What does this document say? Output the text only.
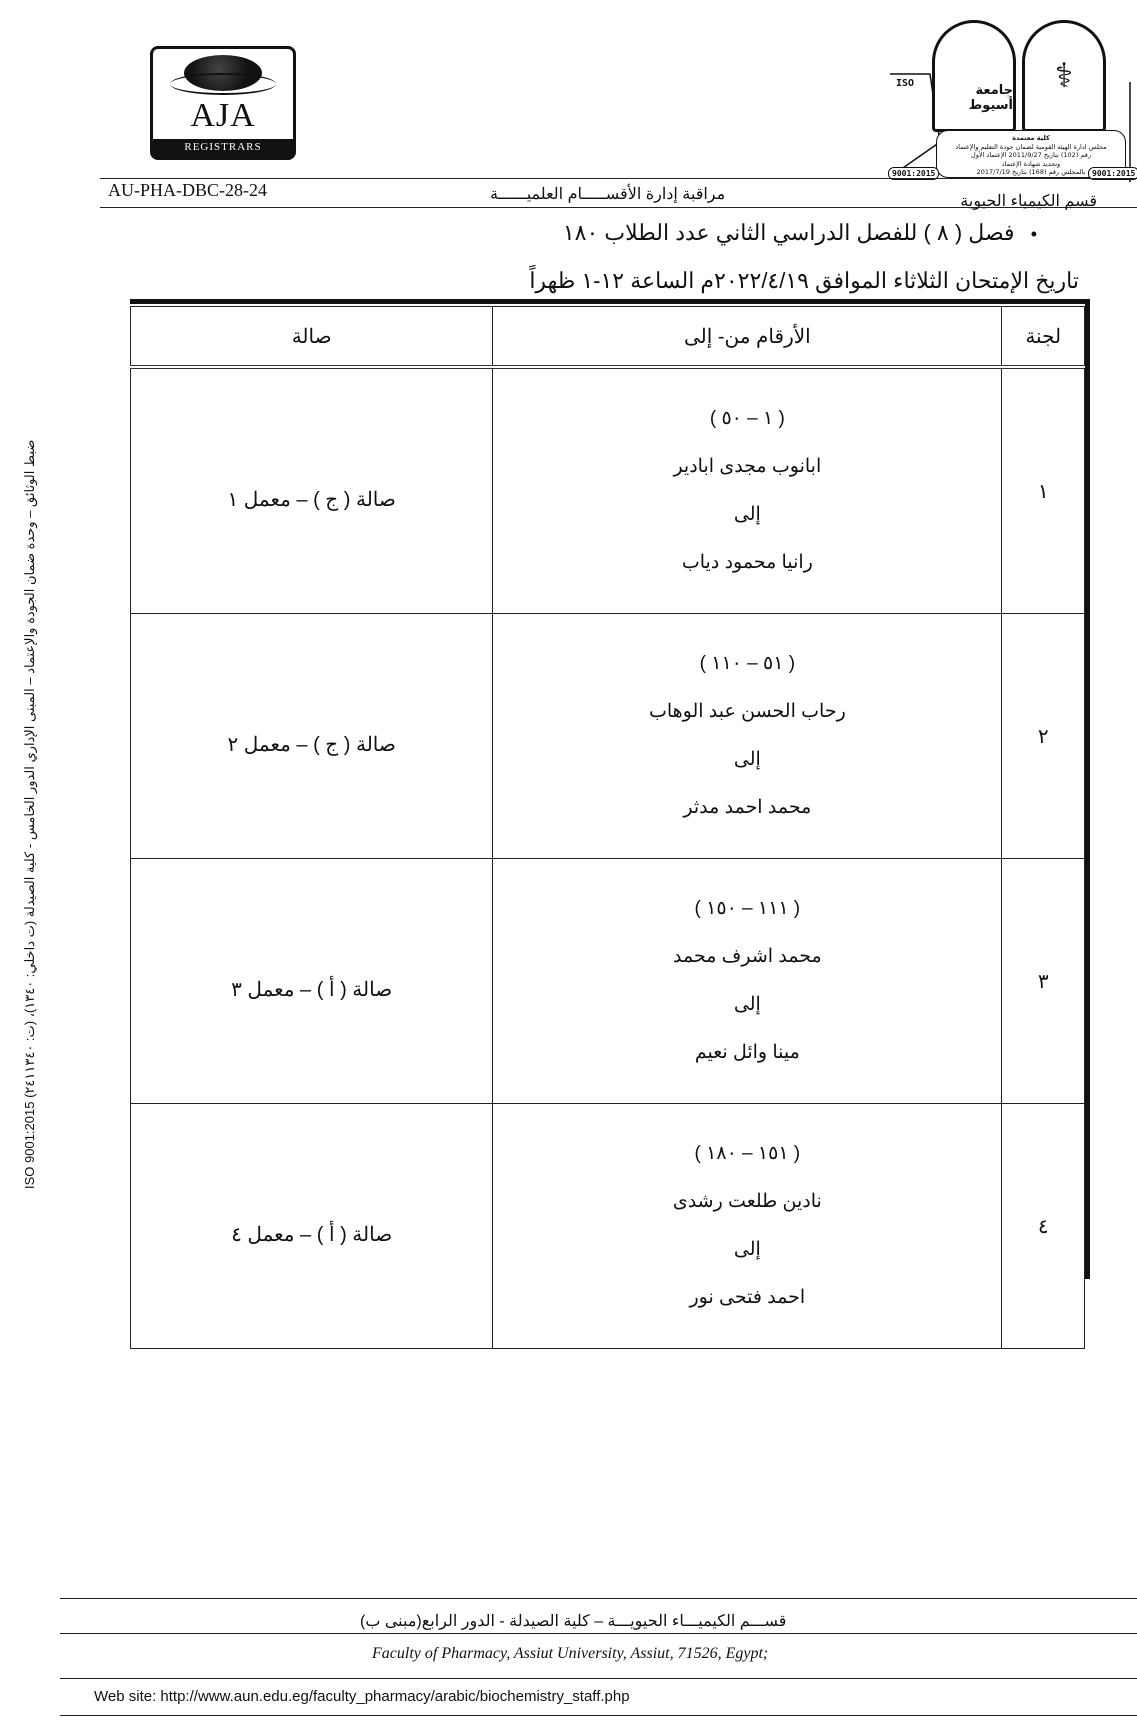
AJA
REGISTRARS
ISO	جامعة أسيوط
⚕
كلية معتمدة
مجلس ادارة الهيئة القومية لضمان جودة التعليم والإعتماد
رقم (102) بتاريخ 2011/9/27 الإعتماد الأول
وتجديد شهادة الإعتماد
بالمجلس رقم (168) بتاريخ 2017/7/19
9001:2015	9001:2015
AU-PHA-DBC-28-24	مراقبة إدارة الأقســـــام العلميــــــة	قسم الكيمياء الحيوية
• فصل ( ٨ ) للفصل الدراسي الثاني عدد الطلاب ١٨٠
تاريخ الإمتحان الثلاثاء الموافق ٢٠٢٢/٤/١٩م الساعة ١٢-١ ظهراً
لجنة	الأرقام من- إلى	صالة
١	( ١ – ٥٠ )
ابانوب مجدى ابادير
إلى
رانيا محمود دياب	صالة ( ج ) – معمل ١
٢	( ٥١ – ١١٠ )
رحاب الحسن عبد الوهاب
إلى
محمد احمد مدثر	صالة ( ج ) – معمل ٢
٣	( ١١١ – ١٥٠ )
محمد اشرف محمد
إلى
مينا وائل نعيم	صالة ( أ ) – معمل ٣
٤	( ١٥١ – ١٨٠ )
نادين طلعت رشدى
إلى
احمد فتحى نور	صالة ( أ ) – معمل ٤
ضبط الوثائق – وحدة ضمان الجودة والإعتماد – المبنى الإداري الدور الخامس - كلية الصيدلة (ت داخلي: ١٣٤٠)، (ت: ٢٤١١٣٤٠) ISO 9001:2015
قســـم الكيميـــاء الحيويـــة – كلية الصيدلة - الدور الرابع(مبنى ب)
Faculty of Pharmacy, Assiut University, Assiut, 71526, Egypt;
Web site: http://www.aun.edu.eg/faculty_pharmacy/arabic/biochemistry_staff.php
